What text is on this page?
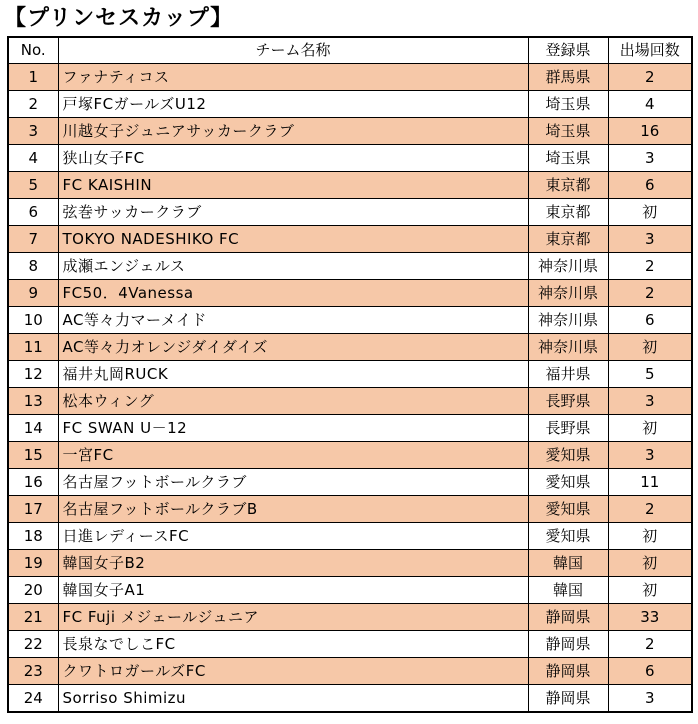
【プリンセスカップ】
No.	チーム名称	登録県	出場回数
1	ファナティコス	群馬県	2
2	戸塚FCガールズU12	埼玉県	4
3	川越女子ジュニアサッカークラブ	埼玉県	16
4	狭山女子FC	埼玉県	3
5	FC KAISHIN	東京都	6
6	弦巻サッカークラブ	東京都	初
7	TOKYO NADESHIKO FC	東京都	3
8	成瀬エンジェルス	神奈川県	2
9	FC50．4Vanessa	神奈川県	2
10	AC等々力マーメイド	神奈川県	6
11	AC等々力オレンジダイダイズ	神奈川県	初
12	福井丸岡RUCK	福井県	5
13	松本ウィング	長野県	3
14	FC SWAN U－12	長野県	初
15	一宮FC	愛知県	3
16	名古屋フットボールクラブ	愛知県	11
17	名古屋フットボールクラブB	愛知県	2
18	日進レディースFC	愛知県	初
19	韓国女子B2	韓国	初
20	韓国女子A1	韓国	初
21	FC Fuji メジェールジュニア	静岡県	33
22	長泉なでしこFC	静岡県	2
23	クワトロガールズFC	静岡県	6
24	Sorriso Shimizu	静岡県	3
